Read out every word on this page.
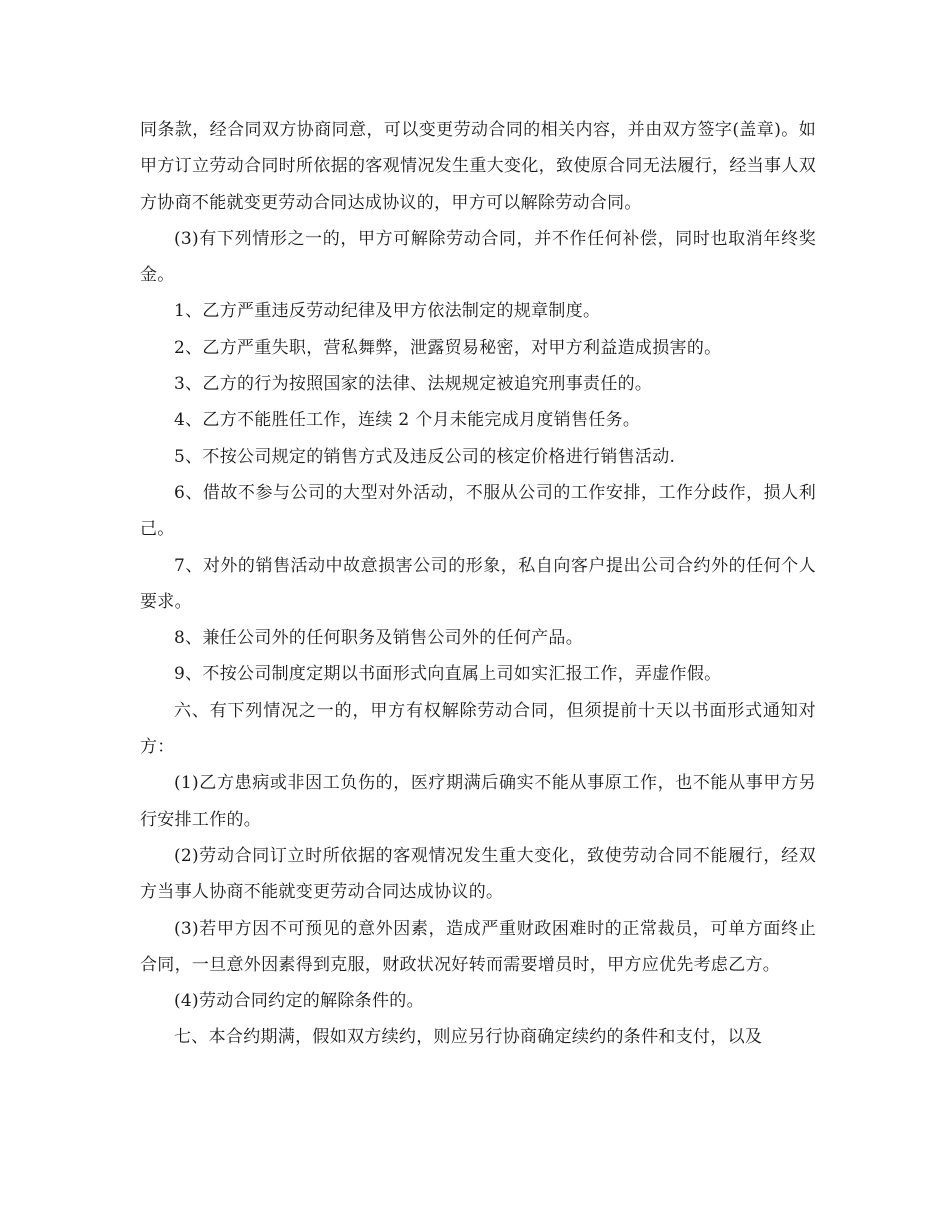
同条款，经合同双方协商同意，可以变更劳动合同的相关内容，并由双方签字(盖章)。如甲方订立劳动合同时所依据的客观情况发生重大变化，致使原合同无法履行，经当事人双方协商不能就变更劳动合同达成协议的，甲方可以解除劳动合同。

(3)有下列情形之一的，甲方可解除劳动合同，并不作任何补偿，同时也取消年终奖金。

1、乙方严重违反劳动纪律及甲方依法制定的规章制度。

2、乙方严重失职，营私舞弊，泄露贸易秘密，对甲方利益造成损害的。

3、乙方的行为按照国家的法律、法规规定被追究刑事责任的。

4、乙方不能胜任工作，连续 2 个月未能完成月度销售任务。

5、不按公司规定的销售方式及违反公司的核定价格进行销售活动.

6、借故不参与公司的大型对外活动，不服从公司的工作安排，工作分歧作，损人利己。

7、对外的销售活动中故意损害公司的形象，私自向客户提出公司合约外的任何个人要求。

8、兼任公司外的任何职务及销售公司外的任何产品。

9、不按公司制度定期以书面形式向直属上司如实汇报工作，弄虚作假。

六、有下列情况之一的，甲方有权解除劳动合同，但须提前十天以书面形式通知对方：

(1)乙方患病或非因工负伤的，医疗期满后确实不能从事原工作，也不能从事甲方另行安排工作的。

(2)劳动合同订立时所依据的客观情况发生重大变化，致使劳动合同不能履行，经双方当事人协商不能就变更劳动合同达成协议的。

(3)若甲方因不可预见的意外因素，造成严重财政困难时的正常裁员，可单方面终止合同，一旦意外因素得到克服，财政状况好转而需要增员时，甲方应优先考虑乙方。

(4)劳动合同约定的解除条件的。

七、本合约期满，假如双方续约，则应另行协商确定续约的条件和支付，以及
